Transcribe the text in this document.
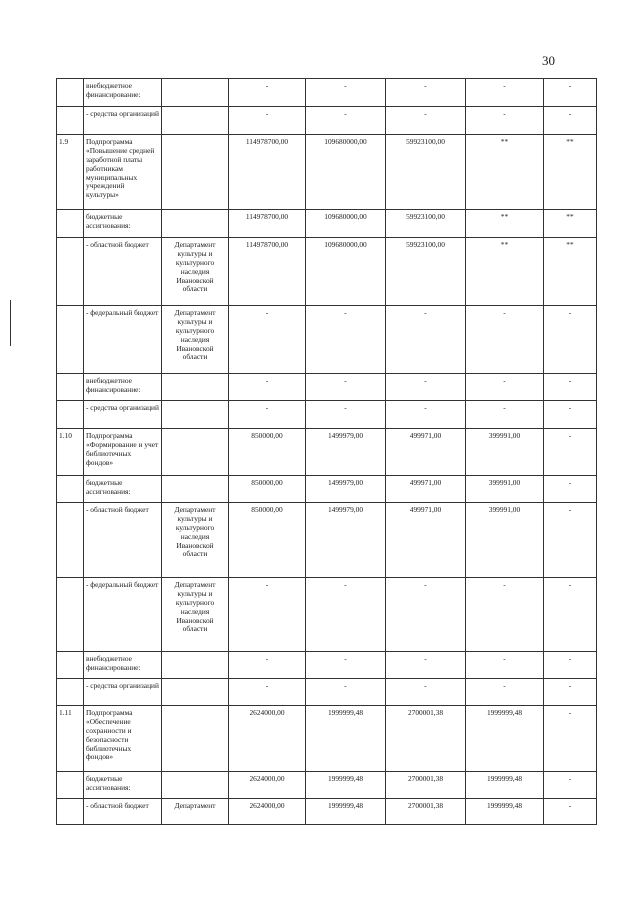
30
	внебюджетное финансирование:		-	-	-	-	-
	- средства организаций		-	-	-	-	-
1.9	Подпрограмма «Повышение средней заработной платы работникам муниципальных учреждений культуры»		114978700,00	109680000,00	59923100,00	**	**
	бюджетные ассигнования:		114978700,00	109680000,00	59923100,00	**	**
	- областной бюджет	Департамент культуры и культурного наследия Ивановской области	114978700,00	109680000,00	59923100,00	**	**
	- федеральный бюджет	Департамент культуры и культурного наследия Ивановской области	-	-	-	-	-
	внебюджетное финансирование:		-	-	-	-	-
	- средства организаций		-	-	-	-	-
1.10	Подпрограмма «Формирование и учет библиотечных фондов»		850000,00	1499979,00	499971,00	399991,00	-
	бюджетные ассигнования:		850000,00	1499979,00	499971,00	399991,00	-
	- областной бюджет	Департамент культуры и культурного наследия Ивановской области	850000,00	1499979,00	499971,00	399991,00	-
	- федеральный бюджет	Департамент культуры и культурного наследия Ивановской области	-	-	-	-	-
	внебюджетное финансирование:		-	-	-	-	-
	- средства организаций		-	-	-	-	-
1.11	Подпрограмма «Обеспечение сохранности и безопасности библиотечных фондов»		2624000,00	1999999,48	2700001,38	1999999,48	-
	бюджетные ассигнования:		2624000,00	1999999,48	2700001,38	1999999,48	-
	- областной бюджет	Департамент	2624000,00	1999999,48	2700001,38	1999999,48	-
